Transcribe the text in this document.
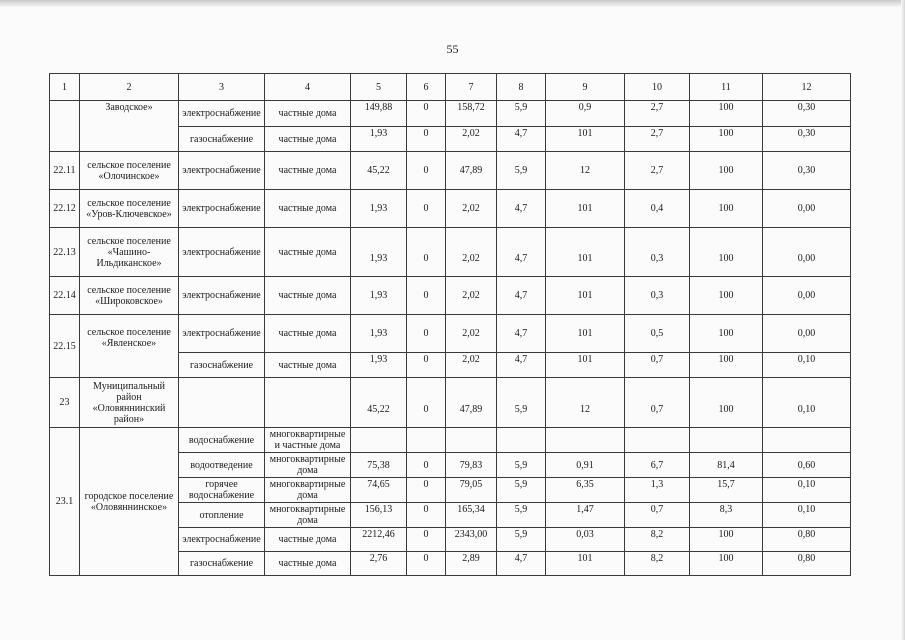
55
1	2	3	4	5	6	7	8	9	10	11	12
	Заводское»	электроснабжение	частные дома	149,88	0	158,72	5,9	0,9	2,7	100	0,30
		газоснабжение	частные дома	1,93	0	2,02	4,7	101	2,7	100	0,30
22.11	сельское поселение «Олочинское»	электроснабжение	частные дома	45,22	0	47,89	5,9	12	2,7	100	0,30
22.12	сельское поселение «Уров-Ключевское»	электроснабжение	частные дома	1,93	0	2,02	4,7	101	0,4	100	0,00
22.13	сельское поселение «Чашино-Ильдиканское»	электроснабжение	частные дома	1,93	0	2,02	4,7	101	0,3	100	0,00
22.14	сельское поселение «Широковское»	электроснабжение	частные дома	1,93	0	2,02	4,7	101	0,3	100	0,00
22.15	сельское поселение «Явленское»	электроснабжение	частные дома	1,93	0	2,02	4,7	101	0,5	100	0,00
		газоснабжение	частные дома	1,93	0	2,02	4,7	101	0,7	100	0,10
23	Муниципальный район «Оловяннинский район»			45,22	0	47,89	5,9	12	0,7	100	0,10
23.1	городское поселение «Оловяннинское»	водоснабжение	многоквартирные и частные дома								
		водоотведение	многоквартирные дома	75,38	0	79,83	5,9	0,91	6,7	81,4	0,60
		горячее водоснабжение	многоквартирные дома	74,65	0	79,05	5,9	6,35	1,3	15,7	0,10
		отопление	многоквартирные дома	156,13	0	165,34	5,9	1,47	0,7	8,3	0,10
		электроснабжение	частные дома	2212,46	0	2343,00	5,9	0,03	8,2	100	0,80
		газоснабжение	частные дома	2,76	0	2,89	4,7	101	8,2	100	0,80
